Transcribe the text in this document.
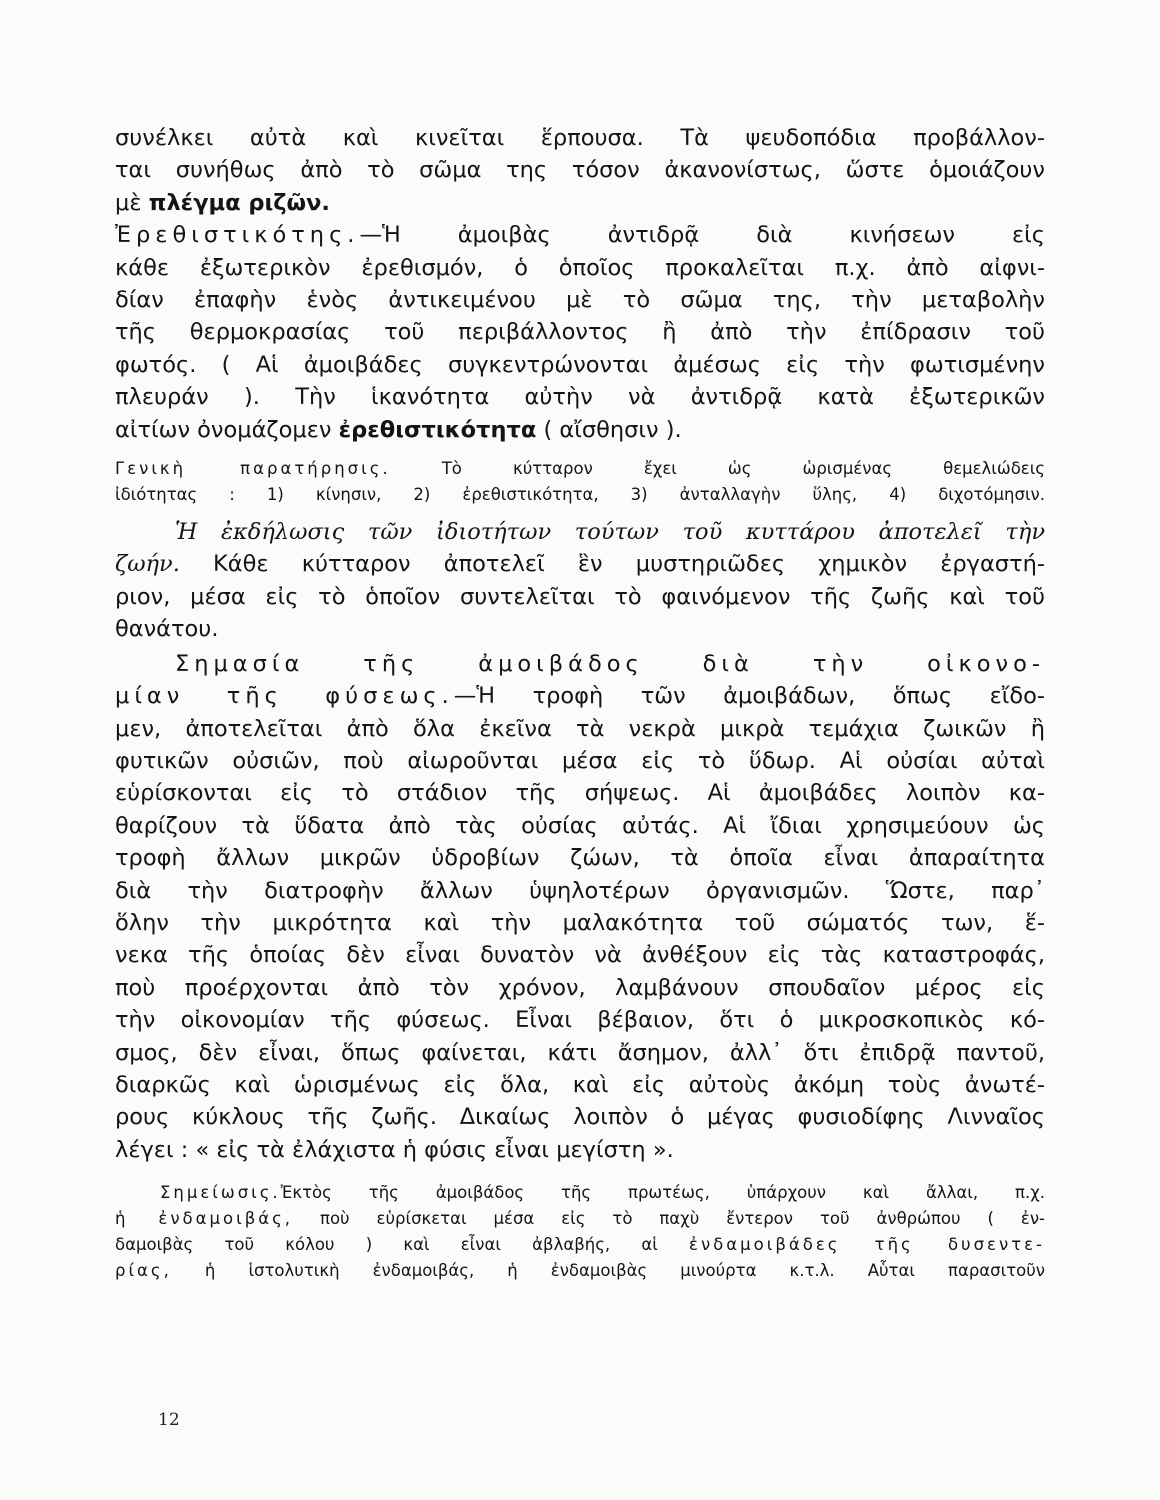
συνέλκει αὐτὰ καὶ κινεῖται ἕρπουσα. Τὰ ψευδοπόδια προβάλλον-
ται συνήθως ἀπὸ τὸ σῶμα της τόσον ἀκανονίστως, ὥστε ὁμοιάζουν
μὲ πλέγμα ριζῶν.
Ἐρεθιστικότης.—Ἡ ἀμοιβὰς ἀντιδρᾷ διὰ κινήσεων εἰς
κάθε ἐξωτερικὸν ἐρεθισμόν, ὁ ὁποῖος προκαλεῖται π.χ. ἀπὸ αἰφνι-
δίαν ἐπαφὴν ἑνὸς ἀντικειμένου μὲ τὸ σῶμα της, τὴν μεταβολὴν
τῆς θερμοκρασίας τοῦ περιβάλλοντος ἢ ἀπὸ τὴν ἐπίδρασιν τοῦ
φωτός. ( Αἱ ἀμοιβάδες συγκεντρώνονται ἀμέσως εἰς τὴν φωτισμένην
πλευράν ). Τὴν ἱκανότητα αὐτὴν νὰ ἀντιδρᾷ κατὰ ἐξωτερικῶν
αἰτίων ὀνομάζομεν ἐρεθιστικότητα ( αἴσθησιν ).
Γενικὴ παρατήρησις. Τὸ κύτταρον ἔχει ὡς ὡρισμένας θεμελιώδεις
ἰδιότητας : 1) κίνησιν, 2) ἐρεθιστικότητα, 3) ἀνταλλαγὴν ὕλης, 4) διχοτόμησιν.
Ἡ ἐκδήλωσις τῶν ἰδιοτήτων τούτων τοῦ κυττάρου ἀποτελεῖ τὴν
ζωήν. Κάθε κύτταρον ἀποτελεῖ ἓν μυστηριῶδες χημικὸν ἐργαστή-
ριον, μέσα εἰς τὸ ὁποῖον συντελεῖται τὸ φαινόμενον τῆς ζωῆς καὶ τοῦ
θανάτου.
Σημασία τῆς ἀμοιβάδος διὰ τὴν οἰκονο-
μίαν τῆς φύσεως.—Ἡ τροφὴ τῶν ἀμοιβάδων, ὅπως εἴδο-
μεν, ἀποτελεῖται ἀπὸ ὅλα ἐκεῖνα τὰ νεκρὰ μικρὰ τεμάχια ζωικῶν ἢ
φυτικῶν οὐσιῶν, ποὺ αἰωροῦνται μέσα εἰς τὸ ὕδωρ. Αἱ οὐσίαι αὐταὶ
εὑρίσκονται εἰς τὸ στάδιον τῆς σήψεως. Αἱ ἀμοιβάδες λοιπὸν κα-
θαρίζουν τὰ ὕδατα ἀπὸ τὰς οὐσίας αὐτάς. Αἱ ἴδιαι χρησιμεύουν ὡς
τροφὴ ἄλλων μικρῶν ὑδροβίων ζώων, τὰ ὁποῖα εἶναι ἀπαραίτητα
διὰ τὴν διατροφὴν ἄλλων ὑψηλοτέρων ὀργανισμῶν. Ὥστε, παρ᾽
ὅλην τὴν μικρότητα καὶ τὴν μαλακότητα τοῦ σώματός των, ἕ-
νεκα τῆς ὁποίας δὲν εἶναι δυνατὸν νὰ ἀνθέξουν εἰς τὰς καταστροφάς,
ποὺ προέρχονται ἀπὸ τὸν χρόνον, λαμβάνουν σπουδαῖον μέρος εἰς
τὴν οἰκονομίαν τῆς φύσεως. Εἶναι βέβαιον, ὅτι ὁ μικροσκοπικὸς κό-
σμος, δὲν εἶναι, ὅπως φαίνεται, κάτι ἄσημον, ἀλλ᾽ ὅτι ἐπιδρᾷ παντοῦ,
διαρκῶς καὶ ὡρισμένως εἰς ὅλα, καὶ εἰς αὐτοὺς ἀκόμη τοὺς ἀνωτέ-
ρους κύκλους τῆς ζωῆς. Δικαίως λοιπὸν ὁ μέγας φυσιοδίφης Λινναῖος
λέγει : « εἰς τὰ ἐλάχιστα ἡ φύσις εἶναι μεγίστη ».
Σημείωσις.Ἐκτὸς τῆς ἀμοιβάδος τῆς πρωτέως, ὑπάρχουν καὶ ἄλλαι, π.χ.
ἡ ἐνδαμοιβάς, ποὺ εὑρίσκεται μέσα εἰς τὸ παχὺ ἔντερον τοῦ ἀνθρώπου ( ἐν-
δαμοιβὰς τοῦ κόλου ) καὶ εἶναι ἀβλαβής, αἱ ἐνδαμοιβάδες τῆς δυσεντε-
ρίας, ἡ ἱστολυτικὴ ἐνδαμοιβάς, ἡ ἐνδαμοιβὰς μινούρτα κ.τ.λ. Αὗται παρασιτοῦν
12
